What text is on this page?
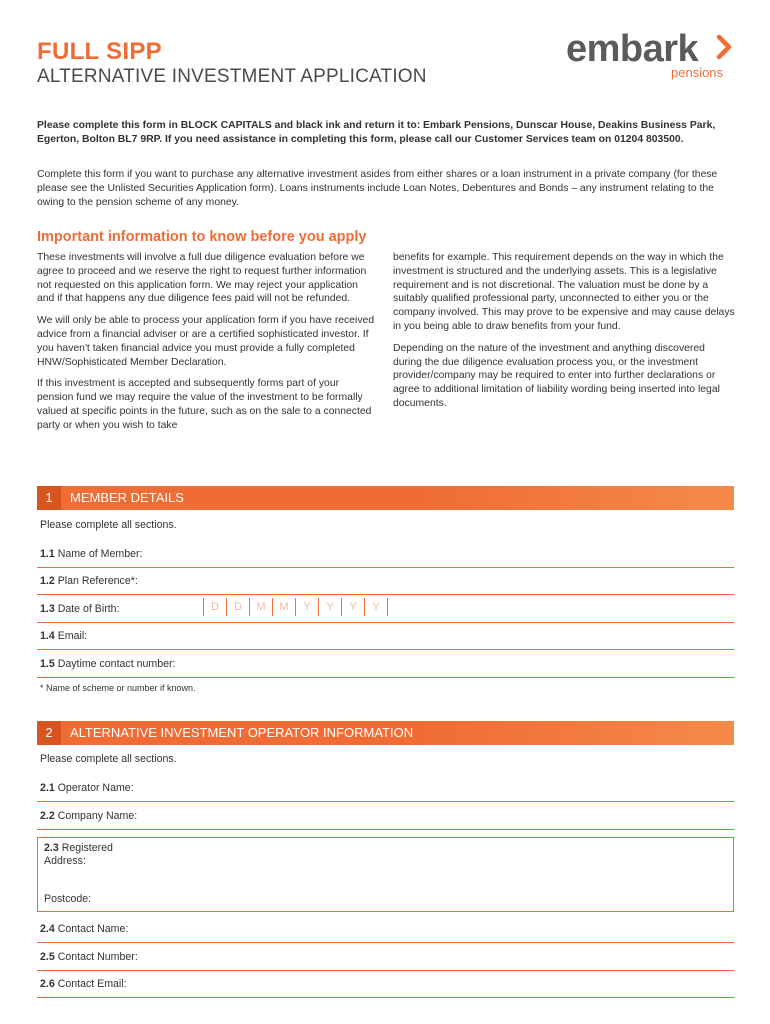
FULL SIPP
ALTERNATIVE INVESTMENT APPLICATION
embark
pensions
Please complete this form in BLOCK CAPITALS and black ink and return it to: Embark Pensions, Dunscar House, Deakins Business Park, Egerton, Bolton BL7 9RP. If you need assistance in completing this form, please call our Customer Services team on 01204 803500.
Complete this form if you want to purchase any alternative investment asides from either shares or a loan instrument in a private company (for these please see the Unlisted Securities Application form). Loans instruments include Loan Notes, Debentures and Bonds – any instrument relating to the owing to the pension scheme of any money.
Important information to know before you apply

These investments will involve a full due diligence evaluation before we agree to proceed and we reserve the right to request further information not requested on this application form. We may reject your application and if that happens any due diligence fees paid will not be refunded.

We will only be able to process your application form if you have received advice from a financial adviser or are a certified sophisticated investor. If you haven't taken financial advice you must provide a fully completed HNW/Sophisticated Member Declaration.

If this investment is accepted and subsequently forms part of your pension fund we may require the value of the investment to be formally valued at specific points in the future, such as on the sale to a connected party or when you wish to take

benefits for example. This requirement depends on the way in which the investment is structured and the underlying assets. This is a legislative requirement and is not discretional. The valuation must be done by a suitably qualified professional party, unconnected to either you or the company involved. This may prove to be expensive and may cause delays in you being able to draw benefits from your fund.

Depending on the nature of the investment and anything discovered during the due diligence evaluation process you, or the investment provider/company may be required to enter into further declarations or agree to additional limitation of liability wording being inserted into legal documents.

1	MEMBER DETAILS
Please complete all sections.
1.1 Name of Member:
1.2 Plan Reference*:
1.3 Date of Birth:	D	D	M	M	Y	Y	Y	Y
1.4 Email:
1.5 Daytime contact number:
* Name of scheme or number if known.
2	ALTERNATIVE INVESTMENT OPERATOR INFORMATION
Please complete all sections.
2.1 Operator Name:
2.2 Company Name:
2.3 Registered
Address:
Postcode:
2.4 Contact Name:
2.5 Contact Number:
2.6 Contact Email:
